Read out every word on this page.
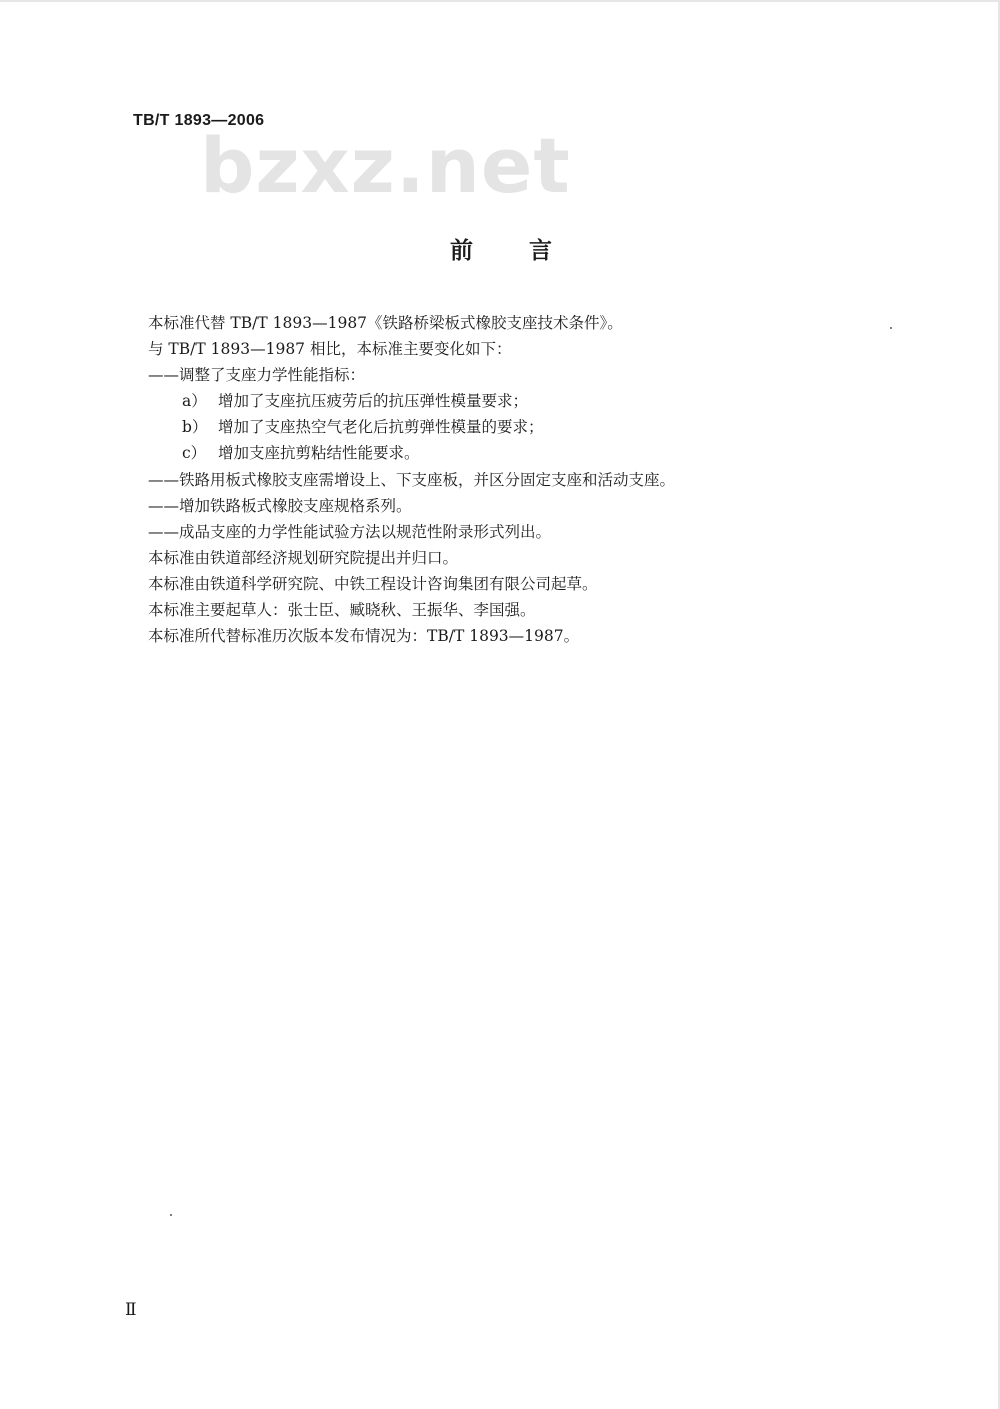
TB/T 1893—2006
bzxz.net
前言
本标准代替 TB/T 1893—1987《铁路桥梁板式橡胶支座技术条件》。
与 TB/T 1893—1987 相比，本标准主要变化如下：
——调整了支座力学性能指标：
a） 增加了支座抗压疲劳后的抗压弹性模量要求；
b） 增加了支座热空气老化后抗剪弹性模量的要求；
c） 增加支座抗剪粘结性能要求。
——铁路用板式橡胶支座需增设上、下支座板，并区分固定支座和活动支座。
——增加铁路板式橡胶支座规格系列。
——成品支座的力学性能试验方法以规范性附录形式列出。
本标准由铁道部经济规划研究院提出并归口。
本标准由铁道科学研究院、中铁工程设计咨询集团有限公司起草。
本标准主要起草人：张士臣、臧晓秋、王振华、李国强。
本标准所代替标准历次版本发布情况为：TB/T 1893—1987。
Ⅱ
